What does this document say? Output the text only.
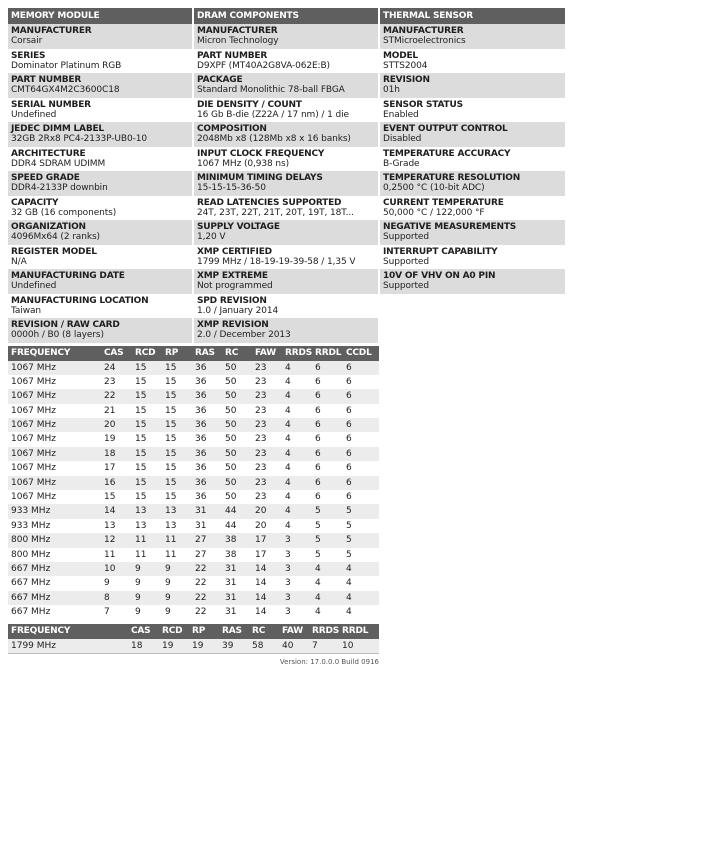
MEMORY MODULE
MANUFACTURER
Corsair
SERIES
Dominator Platinum RGB
PART NUMBER
CMT64GX4M2C3600C18
SERIAL NUMBER
Undefined
JEDEC DIMM LABEL
32GB 2Rx8 PC4-2133P-UB0-10
ARCHITECTURE
DDR4 SDRAM UDIMM
SPEED GRADE
DDR4-2133P downbin
CAPACITY
32 GB (16 components)
ORGANIZATION
4096Mx64 (2 ranks)
REGISTER MODEL
N/A
MANUFACTURING DATE
Undefined
MANUFACTURING LOCATION
Taiwan
REVISION / RAW CARD
0000h / B0 (8 layers)
DRAM COMPONENTS
MANUFACTURER
Micron Technology
PART NUMBER
D9XPF (MT40A2G8VA-062E:B)
PACKAGE
Standard Monolithic 78-ball FBGA
DIE DENSITY / COUNT
16 Gb B-die (Z22A / 17 nm) / 1 die
COMPOSITION
2048Mb x8 (128Mb x8 x 16 banks)
INPUT CLOCK FREQUENCY
1067 MHz (0,938 ns)
MINIMUM TIMING DELAYS
15-15-15-36-50
READ LATENCIES SUPPORTED
24T, 23T, 22T, 21T, 20T, 19T, 18T...
SUPPLY VOLTAGE
1,20 V
XMP CERTIFIED
1799 MHz / 18-19-19-39-58 / 1,35 V
XMP EXTREME
Not programmed
SPD REVISION
1.0 / January 2014
XMP REVISION
2.0 / December 2013
THERMAL SENSOR
MANUFACTURER
STMicroelectronics
MODEL
STTS2004
REVISION
01h
SENSOR STATUS
Enabled
EVENT OUTPUT CONTROL
Disabled
TEMPERATURE ACCURACY
B-Grade
TEMPERATURE RESOLUTION
0,2500 °C (10-bit ADC)
CURRENT TEMPERATURE
50,000 °C / 122,000 °F
NEGATIVE MEASUREMENTS
Supported
INTERRUPT CAPABILITY
Supported
10V OF VHV ON A0 PIN
Supported
FREQUENCY	CAS	RCD	RP	RAS	RC	FAW RRDS RRDL CCDL
1067 MHz	24	15	15	36	50	23	4	6	6
1067 MHz	23	15	15	36	50	23	4	6	6
1067 MHz	22	15	15	36	50	23	4	6	6
1067 MHz	21	15	15	36	50	23	4	6	6
1067 MHz	20	15	15	36	50	23	4	6	6
1067 MHz	19	15	15	36	50	23	4	6	6
1067 MHz	18	15	15	36	50	23	4	6	6
1067 MHz	17	15	15	36	50	23	4	6	6
1067 MHz	16	15	15	36	50	23	4	6	6
1067 MHz	15	15	15	36	50	23	4	6	6
933 MHz	14	13	13	31	44	20	4	5	5
933 MHz	13	13	13	31	44	20	4	5	5
800 MHz	12	11	11	27	38	17	3	5	5
800 MHz	11	11	11	27	38	17	3	5	5
667 MHz	10	9	9	22	31	14	3	4	4
667 MHz	9	9	9	22	31	14	3	4	4
667 MHz	8	9	9	22	31	14	3	4	4
667 MHz	7	9	9	22	31	14	3	4	4
FREQUENCY	CAS	RCD	RP	RAS	RC	FAW RRDS RRDL
1799 MHz	18	19	19	39	58	40	7	10
Version: 17.0.0.0 Build 0916
